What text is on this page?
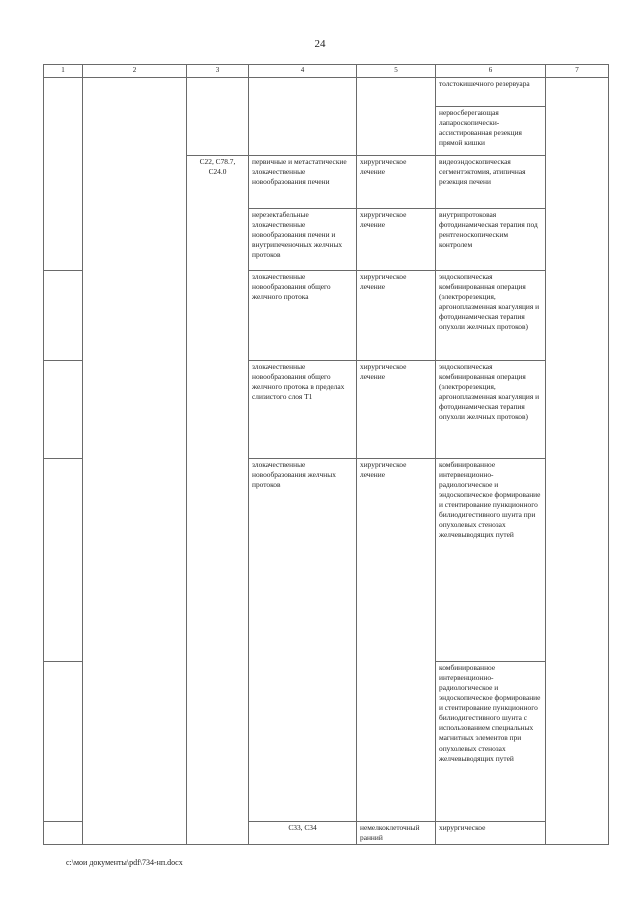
24
1	2	3	4	5	6	7	
					толстокишечного резервуара		
					нервосберегающая лапароскопически-ассистированная резекция прямой кишки		
		C22, C78.7, C24.0	первичные и метастатические злокачественные новообразования печени	хирургическое лечение	видеоэндоскопическая сегментэктомия, атипичная резекция печени		
			нерезектабельные злокачественные новообразования печени и внутрипеченочных желчных протоков	хирургическое лечение	внутрипротоковая фотодинамическая терапия под рентгеноскопическим контролем		
			злокачественные новообразования общего желчного протока	хирургическое лечение	эндоскопическая комбинированная операция (электрорезекция, аргоноплазменная коагуляция и фотодинамическая терапия опухоли желчных протоков)		
			злокачественные новообразования общего желчного протока в пределах слизистого слоя T1	хирургическое лечение	эндоскопическая комбинированная операция (электрорезекция, аргоноплазменная коагуляция и фотодинамическая терапия опухоли желчных протоков)		
			злокачественные новообразования желчных протоков	хирургическое лечение	комбинированное интервенционно-радиологическое и эндоскопическое формирование и стентирование пункционного билиодигестивного шунта при опухолевых стенозах желчевыводящих путей		
					комбинированное интервенционно-радиологическое и эндоскопическое формирование и стентирование пункционного билиодигестивного шунта с использованием специальных магнитных элементов при опухолевых стенозах желчевыводящих путей		
			C33, C34	немелкоклеточный ранний	хирургическое	
c:\мои документы\pdf\734-нп.docx
